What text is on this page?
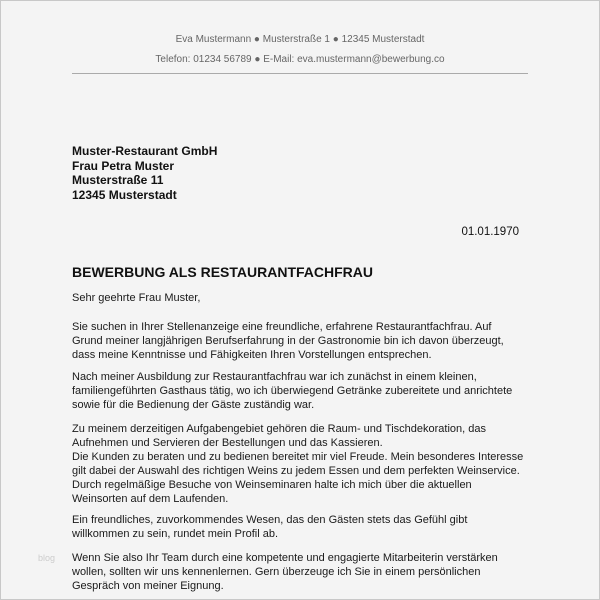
Eva Mustermann ● Musterstraße 1 ● 12345 Musterstadt
Telefon: 01234 56789 ● E-Mail: eva.mustermann@bewerbung.co
Muster-Restaurant GmbH
Frau Petra Muster
Musterstraße 11
12345 Musterstadt
01.01.1970
BEWERBUNG ALS RESTAURANTFACHFRAU
Sehr geehrte Frau Muster,
Sie suchen in Ihrer Stellenanzeige eine freundliche, erfahrene Restaurantfachfrau. Auf
Grund meiner langjährigen Berufserfahrung in der Gastronomie bin ich davon überzeugt,
dass meine Kenntnisse und Fähigkeiten Ihren Vorstellungen entsprechen.
Nach meiner Ausbildung zur Restaurantfachfrau war ich zunächst in einem kleinen,
familiengeführten Gasthaus tätig, wo ich überwiegend Getränke zubereitete und anrichtete
sowie für die Bedienung der Gäste zuständig war.
Zu meinem derzeitigen Aufgabengebiet gehören die Raum- und Tischdekoration, das
Aufnehmen und Servieren der Bestellungen und das Kassieren.
Die Kunden zu beraten und zu bedienen bereitet mir viel Freude. Mein besonderes Interesse
gilt dabei der Auswahl des richtigen Weins zu jedem Essen und dem perfekten Weinservice.
Durch regelmäßige Besuche von Weinseminaren halte ich mich über die aktuellen
Weinsorten auf dem Laufenden.
Ein freundliches, zuvorkommendes Wesen, das den Gästen stets das Gefühl gibt
willkommen zu sein, rundet mein Profil ab.
Wenn Sie also Ihr Team durch eine kompetente und engagierte Mitarbeiterin verstärken
wollen, sollten wir uns kennenlernen. Gern überzeuge ich Sie in einem persönlichen
Gespräch von meiner Eignung.
blog
